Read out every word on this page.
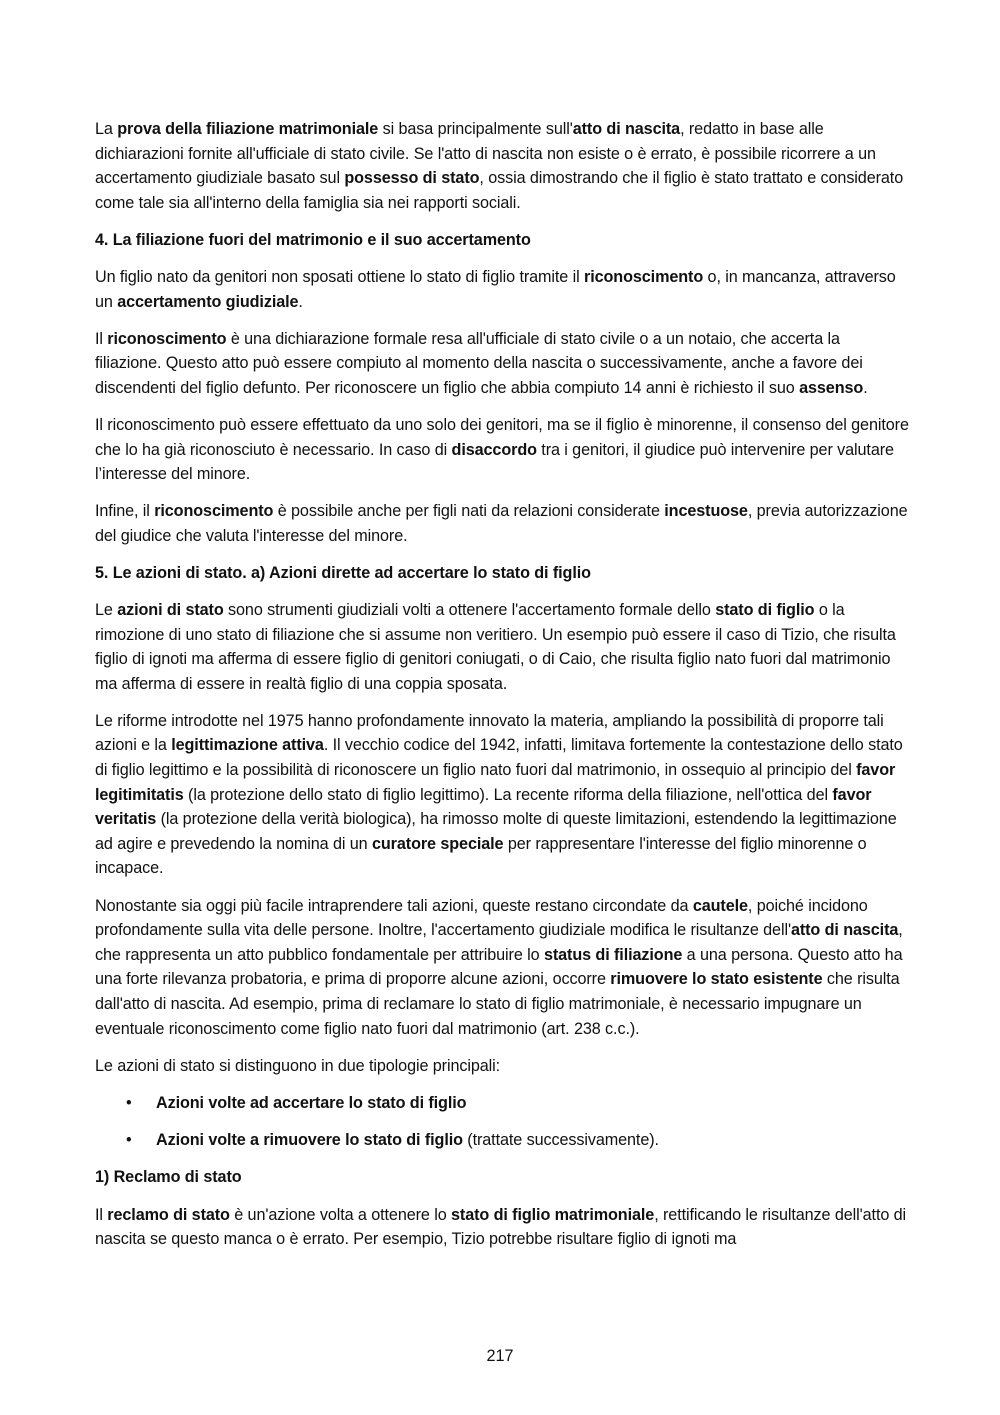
La prova della filiazione matrimoniale si basa principalmente sull'atto di nascita, redatto in base alle dichiarazioni fornite all'ufficiale di stato civile. Se l'atto di nascita non esiste o è errato, è possibile ricorrere a un accertamento giudiziale basato sul possesso di stato, ossia dimostrando che il figlio è stato trattato e considerato come tale sia all'interno della famiglia sia nei rapporti sociali.

4. La filiazione fuori del matrimonio e il suo accertamento

Un figlio nato da genitori non sposati ottiene lo stato di figlio tramite il riconoscimento o, in mancanza, attraverso un accertamento giudiziale.

Il riconoscimento è una dichiarazione formale resa all'ufficiale di stato civile o a un notaio, che accerta la filiazione. Questo atto può essere compiuto al momento della nascita o successivamente, anche a favore dei discendenti del figlio defunto. Per riconoscere un figlio che abbia compiuto 14 anni è richiesto il suo assenso.

Il riconoscimento può essere effettuato da uno solo dei genitori, ma se il figlio è minorenne, il consenso del genitore che lo ha già riconosciuto è necessario. In caso di disaccordo tra i genitori, il giudice può intervenire per valutare l’interesse del minore.

Infine, il riconoscimento è possibile anche per figli nati da relazioni considerate incestuose, previa autorizzazione del giudice che valuta l'interesse del minore.

5. Le azioni di stato. a) Azioni dirette ad accertare lo stato di figlio

Le azioni di stato sono strumenti giudiziali volti a ottenere l'accertamento formale dello stato di figlio o la rimozione di uno stato di filiazione che si assume non veritiero. Un esempio può essere il caso di Tizio, che risulta figlio di ignoti ma afferma di essere figlio di genitori coniugati, o di Caio, che risulta figlio nato fuori dal matrimonio ma afferma di essere in realtà figlio di una coppia sposata.

Le riforme introdotte nel 1975 hanno profondamente innovato la materia, ampliando la possibilità di proporre tali azioni e la legittimazione attiva. Il vecchio codice del 1942, infatti, limitava fortemente la contestazione dello stato di figlio legittimo e la possibilità di riconoscere un figlio nato fuori dal matrimonio, in ossequio al principio del favor legitimitatis (la protezione dello stato di figlio legittimo). La recente riforma della filiazione, nell'ottica del favor veritatis (la protezione della verità biologica), ha rimosso molte di queste limitazioni, estendendo la legittimazione ad agire e prevedendo la nomina di un curatore speciale per rappresentare l'interesse del figlio minorenne o incapace.

Nonostante sia oggi più facile intraprendere tali azioni, queste restano circondate da cautele, poiché incidono profondamente sulla vita delle persone. Inoltre, l'accertamento giudiziale modifica le risultanze dell'atto di nascita, che rappresenta un atto pubblico fondamentale per attribuire lo status di filiazione a una persona. Questo atto ha una forte rilevanza probatoria, e prima di proporre alcune azioni, occorre rimuovere lo stato esistente che risulta dall'atto di nascita. Ad esempio, prima di reclamare lo stato di figlio matrimoniale, è necessario impugnare un eventuale riconoscimento come figlio nato fuori dal matrimonio (art. 238 c.c.).

Le azioni di stato si distinguono in due tipologie principali:

• Azioni volte ad accertare lo stato di figlio
• Azioni volte a rimuovere lo stato di figlio (trattate successivamente).

1) Reclamo di stato

Il reclamo di stato è un'azione volta a ottenere lo stato di figlio matrimoniale, rettificando le risultanze dell'atto di nascita se questo manca o è errato. Per esempio, Tizio potrebbe risultare figlio di ignoti ma

217
